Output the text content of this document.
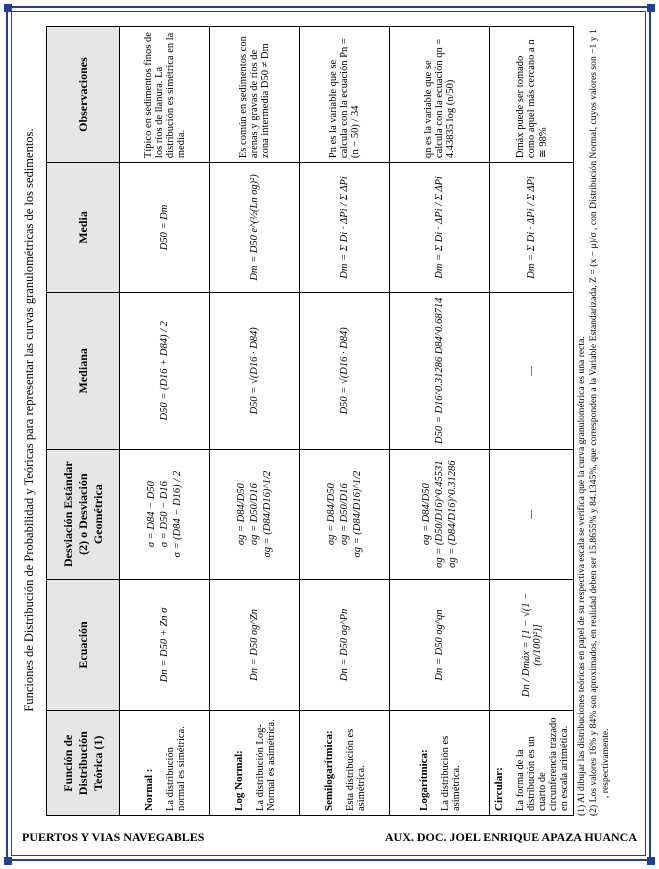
Funciones de Distribución de Probabilidad y Teóricas para representar las curvas granulométricas de los sedimentos.
Función de Distribución Teórica (1)	Ecuación	Desviación Estándar (2) o Desviación Geométrica	Mediana	Media	Observaciones

Normal : La distribución normal es simétrica.	Dn = D50 + Zn σ	σ = D84 − D50 σ = D50 − D16 σ = (D84 − D16) / 2	D50 = (D16 + D84) / 2	D50 = Dm	Típico en sedimentos finos de los ríos de llanura. La distribución es simétrica en la media.

Log Normal: La distribución Log-Normal es asimétrica.	Dn = D50 σg^Zn	σg = D84/D50 σg = D50/D16 σg = (D84/D16)^1/2	D50 = √(D16 · D84)	Dm = D50 e^(½(Ln σg)²)	Es común en sedimentos con arenas y gravas de ríos de zona intermedia D50 ≠ Dm

Semilogarítmica: Esta distribución es asimétrica.	Dn = D50 σg^Pn	σg = D84/D50 σg = D50/D16 σg = (D84/D16)^1/2	D50 = √(D16 · D84)	Dm = Σ Di · ΔPi / Σ ΔPi	Pn es la variable que se calcula con la ecuación Pn = (n − 50) / 34

Logarítmica: La distribución es asimétrica.	Dn = D50 σg^qn	σg = D84/D50 σg = (D50/D16)^0.45531 σg = (D84/D16)^0.31286	D50 = D16^0.31286 D84^0.68714	Dm = Σ Di · ΔPi / Σ ΔPi	qn es la variable que se calcula con la ecuación qn = 4.43835 log (n/50)

Circular: La forma de la distribución es un cuarto de circunferencia trazado en escala aritmética.	Dn / Dmáx = [1 − √(1 − (n/100)²)]	—	—	Dm = Σ Di · ΔPi / Σ ΔPi	Dmáx puede ser tomado como aquel más cercano a n ≅ 98%
(1) Al dibujar las distribuciones teóricas en papel de su respectiva escala se verifica que la curva granulométrica es una recta. (2) Los valores 16% y 84% son aproximados, en realidad deben ser 15.8655% y 84.1345%, que corresponden a la Variable Estandarizada, Z = (x − μ)/σ , con Distribución Normal, cuyos valores son −1 y 1 , respectivamente.
PUERTOS Y VIAS NAVEGABLES	AUX. DOC. JOEL ENRIQUE APAZA HUANCA
